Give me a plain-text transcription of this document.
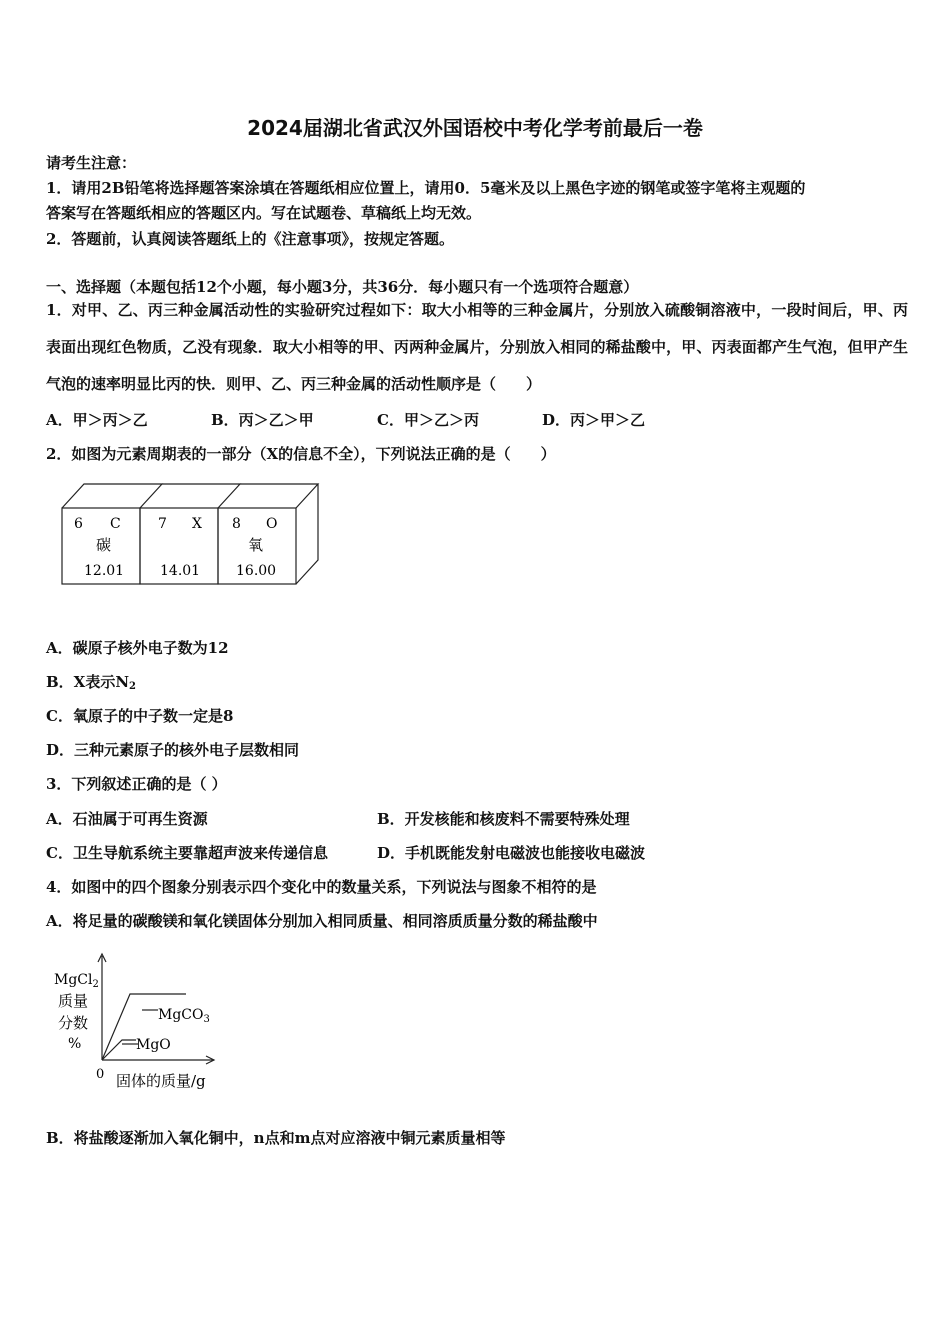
2024届湖北省武汉外国语校中考化学考前最后一卷
请考生注意：
1．请用2B铅笔将选择题答案涂填在答题纸相应位置上，请用0．5毫米及以上黑色字迹的钢笔或签字笔将主观题的
答案写在答题纸相应的答题区内。写在试题卷、草稿纸上均无效。
2．答题前，认真阅读答题纸上的《注意事项》，按规定答题。
一、选择题（本题包括12个小题，每小题3分，共36分．每小题只有一个选项符合题意）
1．对甲、乙、丙三种金属活动性的实验研究过程如下：取大小相等的三种金属片，分别放入硫酸铜溶液中，一段时间后，甲、丙表面出现红色物质，乙没有现象．取大小相等的甲、丙两种金属片，分别放入相同的稀盐酸中，甲、丙表面都产生气泡，但甲产生气泡的速率明显比丙的快．则甲、乙、丙三种金属的活动性顺序是（　　）
A．甲＞丙＞乙	B．丙＞乙＞甲	C．甲＞乙＞丙	D．丙＞甲＞乙
2．如图为元素周期表的一部分（X的信息不全），下列说法正确的是（　　）
6 C
碳
12.01
7 X
14.01
8 O
氧
16.00
A．碳原子核外电子数为12
B．X表示$N_2$
C．氧原子的中子数一定是8
D．三种元素原子的核外电子层数相同
3．下列叙述正确的是（ ）
A．石油属于可再生资源	B．开发核能和核废料不需要特殊处理
C．卫生导航系统主要靠超声波来传递信息	D．手机既能发射电磁波也能接收电磁波
4．如图中的四个图象分别表示四个变化中的数量关系，下列说法与图象不相符的是
A．将足量的碳酸镁和氧化镁固体分别加入相同质量、相同溶质质量分数的稀盐酸中
MgCl$_2$
质量
分数
%
0 固体的质量/g
MgCO$_3$
MgO
B．将盐酸逐渐加入氧化铜中，n点和m点对应溶液中铜元素质量相等
